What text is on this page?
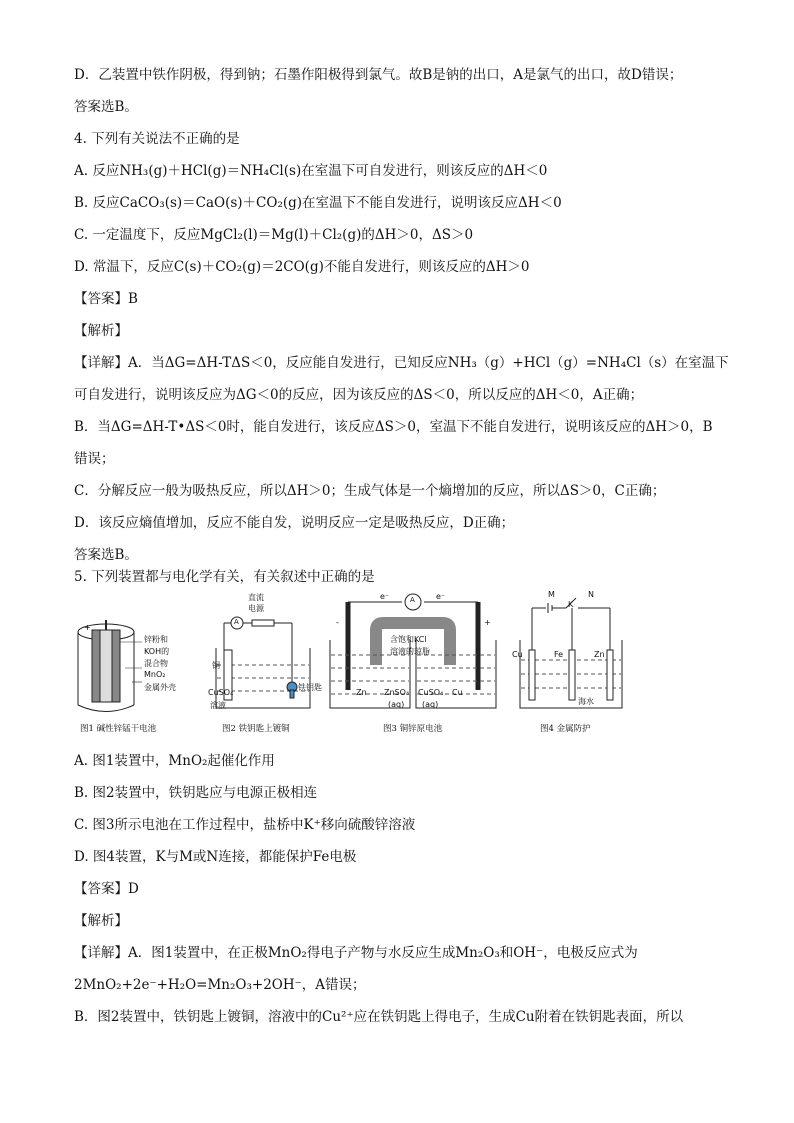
D．乙装置中铁作阴极，得到钠；石墨作阳极得到氯气。故B是钠的出口，A是氯气的出口，故D错误；
答案选B。
4. 下列有关说法不正确的是
A. 反应NH₃(g)＋HCl(g)＝NH₄Cl(s)在室温下可自发进行，则该反应的ΔH＜0
B. 反应CaCO₃(s)＝CaO(s)＋CO₂(g)在室温下不能自发进行，说明该反应ΔH＜0
C. 一定温度下，反应MgCl₂(l)＝Mg(l)＋Cl₂(g)的ΔH＞0，ΔS＞0
D. 常温下，反应C(s)＋CO₂(g)＝2CO(g)不能自发进行，则该反应的ΔH＞0
【答案】B
【解析】
【详解】A．当ΔG=ΔH-TΔS＜0，反应能自发进行，已知反应NH₃（g）+HCl（g）=NH₄Cl（s）在室温下
可自发进行，说明该反应为ΔG＜0的反应，因为该反应的ΔS＜0，所以反应的ΔH＜0，A正确；
B．当ΔG=ΔH-T•ΔS＜0时，能自发进行，该反应ΔS＞0，室温下不能自发进行，说明该反应的ΔH＞0，B
错误；
C．分解反应一般为吸热反应，所以ΔH＞0；生成气体是一个熵增加的反应，所以ΔS＞0，C正确；
D．该反应熵值增加，反应不能自发，说明反应一定是吸热反应，D正确；
答案选B。
5. 下列装置都与电化学有关，有关叙述中正确的是
+
锌粉和
KOH的
混合物
MnO₂
金属外壳
图1 碱性锌锰干电池
直流
电源
A
铜
CuSO₄
溶液
铁钥匙
图2 铁钥匙上镀铜
e⁻	A	e⁻
-	+
含饱和KCl
溶液的琼脂
Zn ZnSO₄
(aq)
CuSO₄
(aq)
Cu
图3 铜锌原电池
M
K
N
Cu	Fe	Zn
海水
图4 金属防护
A. 图1装置中，MnO₂起催化作用
B. 图2装置中，铁钥匙应与电源正极相连
C. 图3所示电池在工作过程中，盐桥中K⁺移向硫酸锌溶液
D. 图4装置，K与M或N连接，都能保护Fe电极
【答案】D
【解析】
【详解】A．图1装置中，在正极MnO₂得电子产物与水反应生成Mn₂O₃和OH⁻，电极反应式为
2MnO₂+2e⁻+H₂O=Mn₂O₃+2OH⁻，A错误；
B．图2装置中，铁钥匙上镀铜，溶液中的Cu²⁺应在铁钥匙上得电子，生成Cu附着在铁钥匙表面，所以
